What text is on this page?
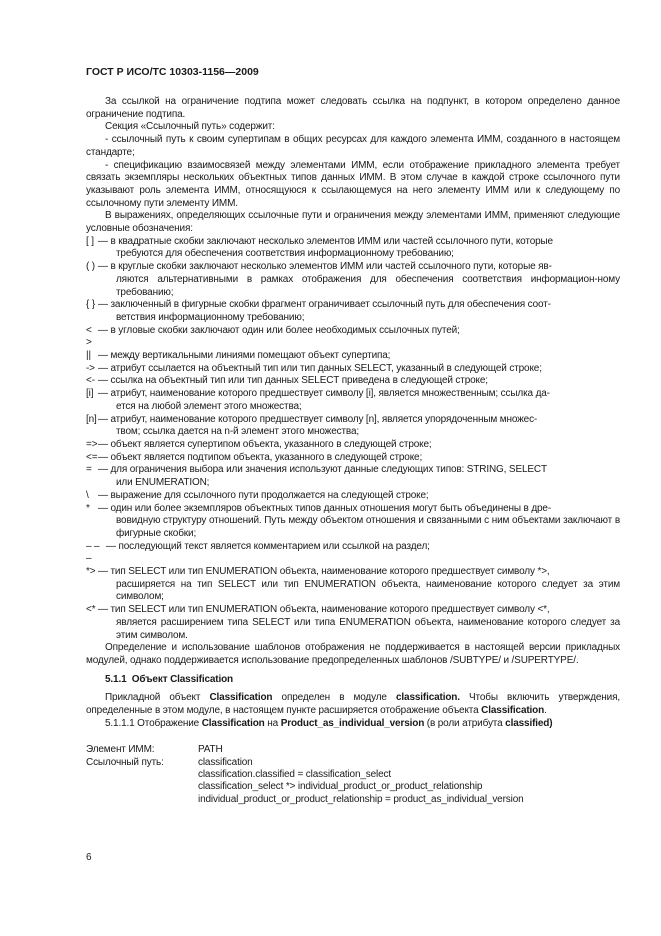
ГОСТ Р ИСО/ТС 10303-1156—2009

За ссылкой на ограничение подтипа может следовать ссылка на подпункт, в котором определено данное ограничение подтипа.

Секция «Ссылочный путь» содержит:

- ссылочный путь к своим супертипам в общих ресурсах для каждого элемента ИММ, созданного в настоящем стандарте;

- спецификацию взаимосвязей между элементами ИММ, если отображение прикладного элемента требует связать экземпляры нескольких объектных типов данных ИММ. В этом случае в каждой строке ссылочного пути указывают роль элемента ИММ, относящуюся к ссылающемуся на него элементу ИММ или к следующему по ссылочному пути элементу ИММ.

В выражениях, определяющих ссылочные пути и ограничения между элементами ИММ, применяют следующие условные обозначения:

[ ] — в квадратные скобки заключают несколько элементов ИММ или частей ссылочного пути, которые
требуются для обеспечения соответствия информационному требованию;
( ) — в круглые скобки заключают несколько элементов ИММ или частей ссылочного пути, которые яв-
ляются альтернативными в рамках отображения для обеспечения соответствия информацион-ному требованию;
{ } — заключенный в фигурные скобки фрагмент ограничивает ссылочный путь для обеспечения соот-
ветствия информационному требованию;
< >
— в угловые скобки заключают один или более необходимых ссылочных путей;
|| — между вертикальными линиями помещают объект супертипа;
-> — атрибут ссылается на объектный тип или тип данных SELECT, указанный в следующей строке;
<- — ссылка на объектный тип или тип данных SELECT приведена в следующей строке;
[i] — атрибут, наименование которого предшествует символу [i], является множественным; ссылка да-
ется на любой элемент этого множества;
[n] — атрибут, наименование которого предшествует символу [n], является упорядоченным множес-
твом; ссылка дается на n-й элемент этого множества;
=> — объект является супертипом объекта, указанного в следующей строке;
<= — объект является подтипом объекта, указанного в следующей строке;
= — для ограничения выбора или значения используют данные следующих типов: STRING, SELECT
или ENUMERATION;
\ — выражение для ссылочного пути продолжается на следующей строке;
* — один или более экземпляров объектных типов данных отношения могут быть объединены в дре-
вовидную структуру отношений. Путь между объектом отношения и связанными с ним объектами заключают в фигурные скобки;
– – –
— последующий текст является комментарием или ссылкой на раздел;
*> — тип SELECT или тип ENUMERATION объекта, наименование которого предшествует символу *>,
расширяется на тип SELECT или тип ENUMERATION объекта, наименование которого следует за этим символом;
<* — тип SELECT или тип ENUMERATION объекта, наименование которого предшествует символу <*,
является расширением типа SELECT или типа ENUMERATION объекта, наименование которого следует за этим символом.

Определение и использование шаблонов отображения не поддерживается в настоящей версии прикладных модулей, однако поддерживается использование предопределенных шаблонов /SUBTYPE/ и /SUPERTYPE/.

5.1.1 Объект Classification

Прикладной объект Classification определен в модуле classification. Чтобы включить утверждения, определенные в этом модуле, в настоящем пункте расширяется отображение объекта Classification.

5.1.1.1 Отображение Classification на Product_as_individual_version (в роли атрибута classified)

Элемент ИММ:	PATH
Ссылочный путь:	classification
classification.classified = classification_select
classification_select *> individual_product_or_product_relationship
individual_product_or_product_relationship = product_as_individual_version
6
